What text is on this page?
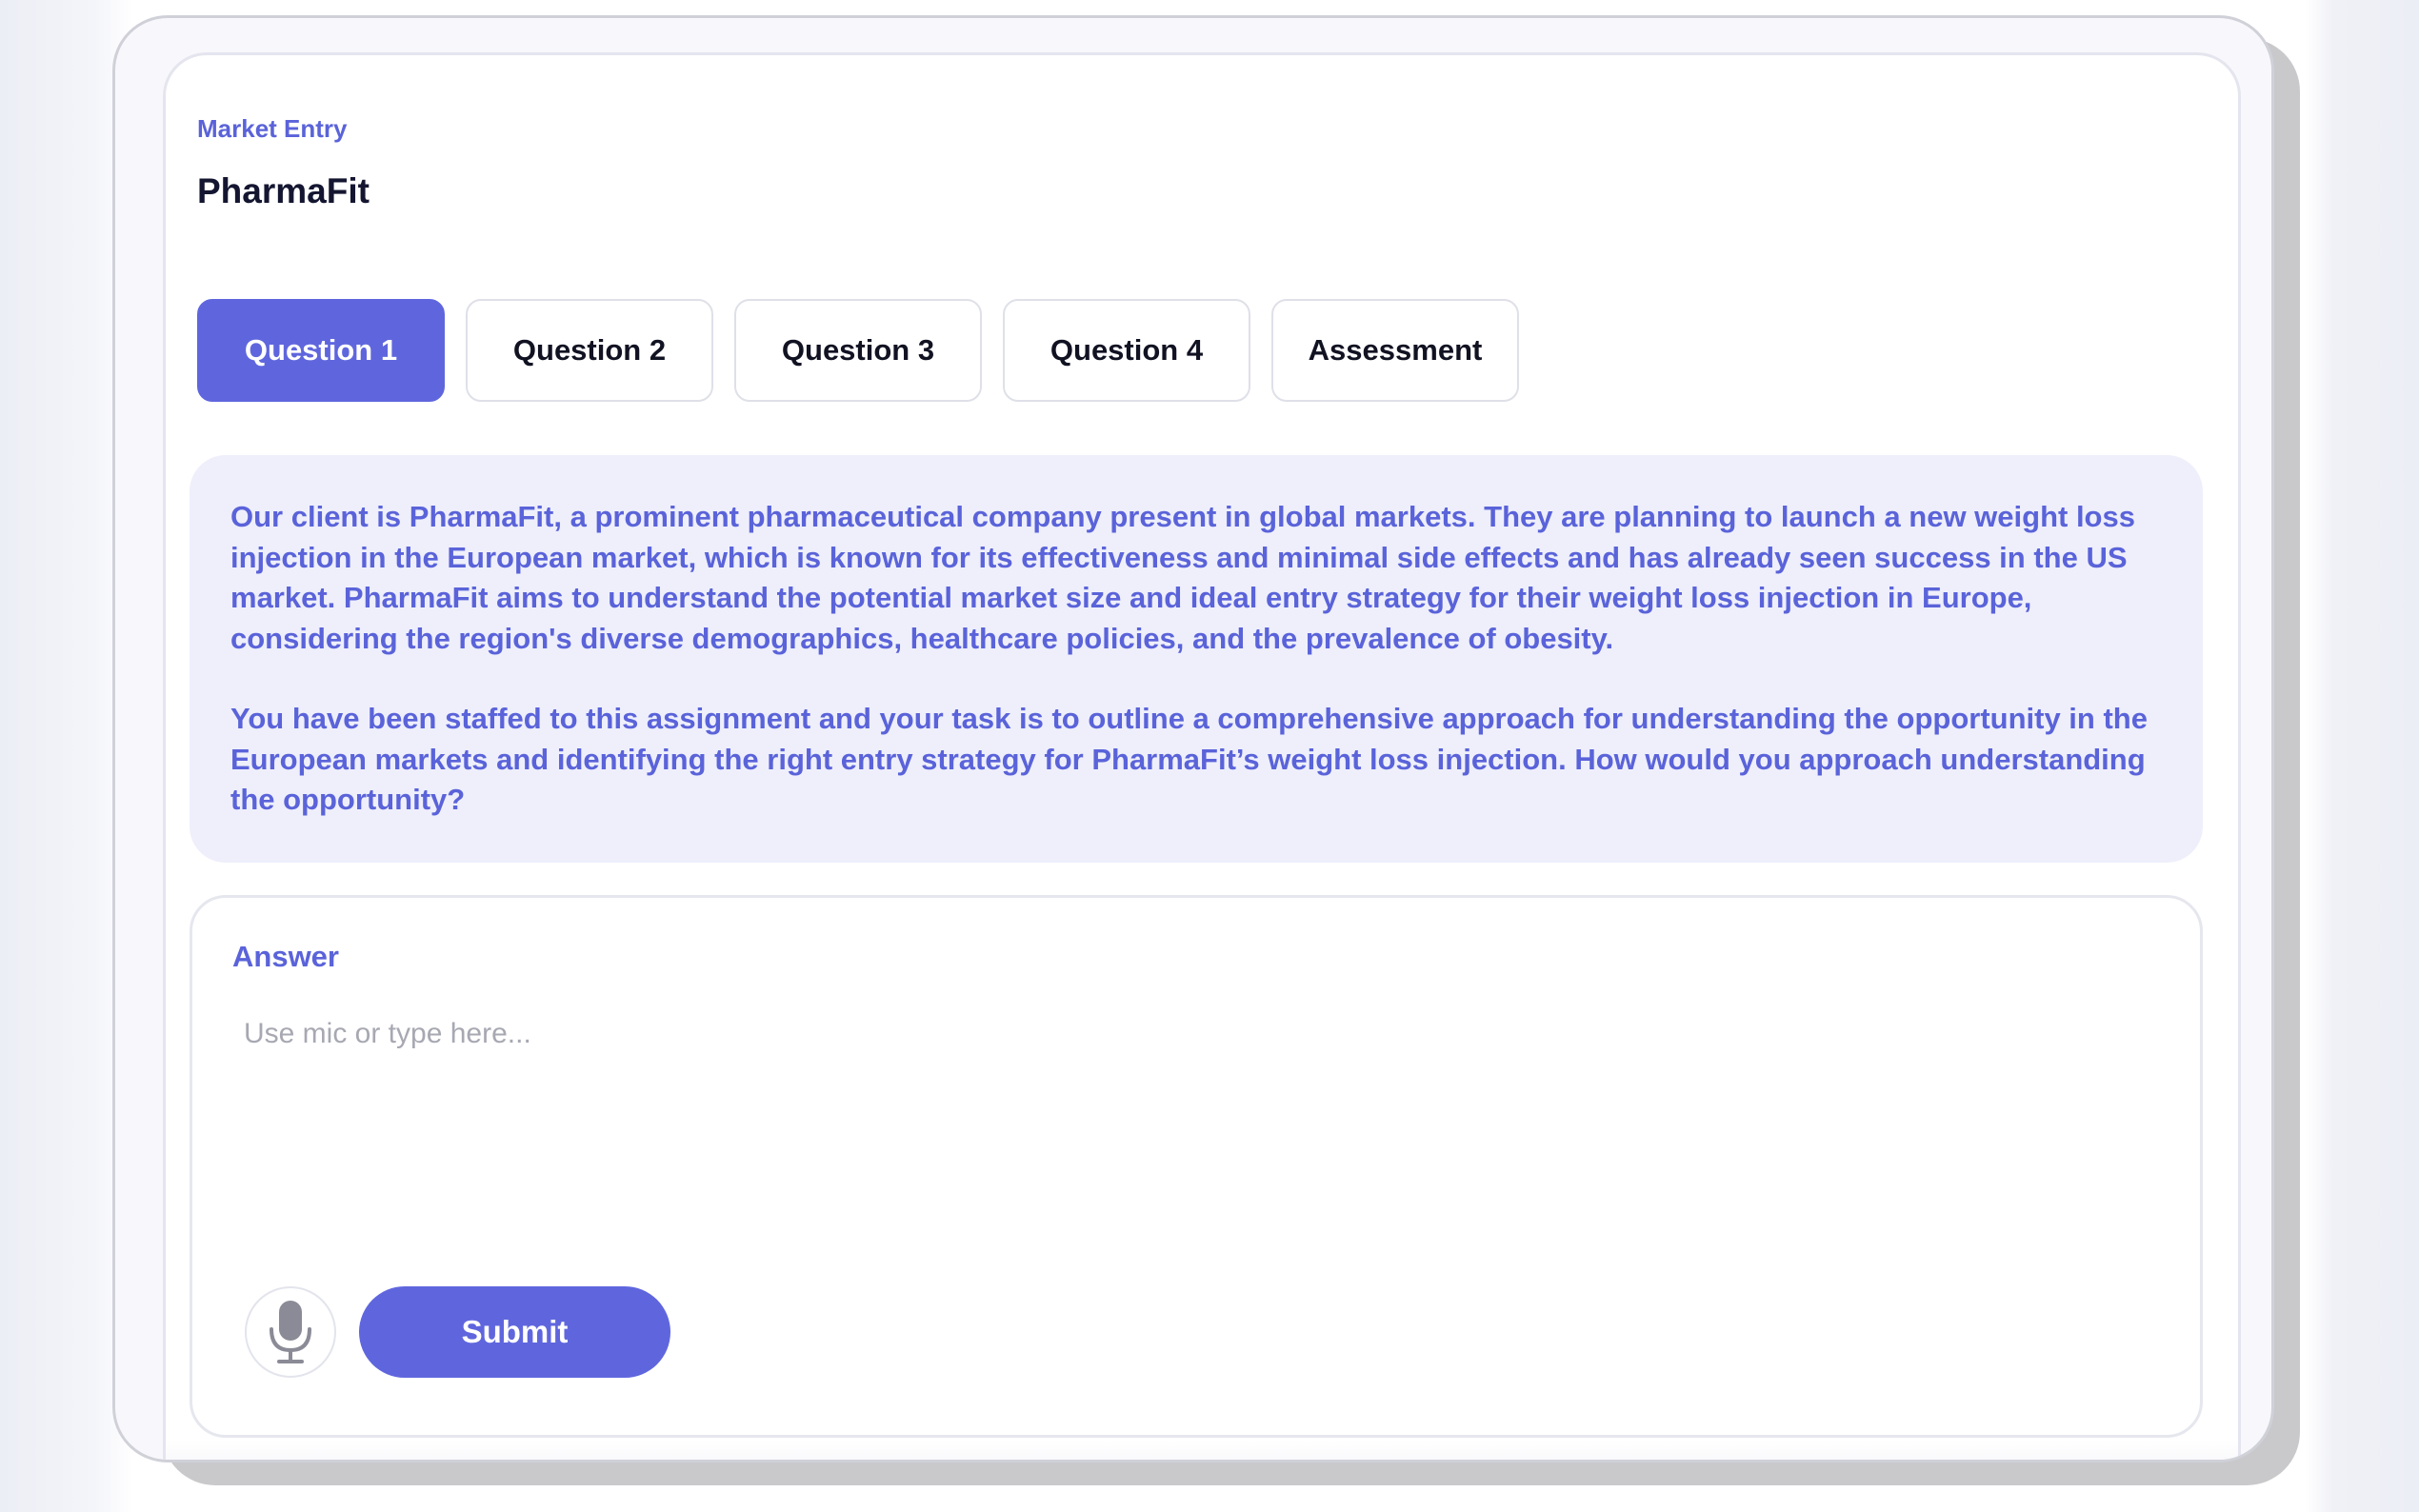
Market Entry
PharmaFit
Question 1	Question 2	Question 3	Question 4	Assessment

Our client is PharmaFit, a prominent pharmaceutical company present in global markets. They are planning to launch a new weight loss injection in the European market, which is known for its effectiveness and minimal side effects and has already seen success in the US market. PharmaFit aims to understand the potential market size and ideal entry strategy for their weight loss injection in Europe, considering the region's diverse demographics, healthcare policies, and the prevalence of obesity.

You have been staffed to this assignment and your task is to outline a comprehensive approach for understanding the opportunity in the European markets and identifying the right entry strategy for PharmaFit’s weight loss injection. How would you approach understanding the opportunity?

Answer
Use mic or type here...
Submit
